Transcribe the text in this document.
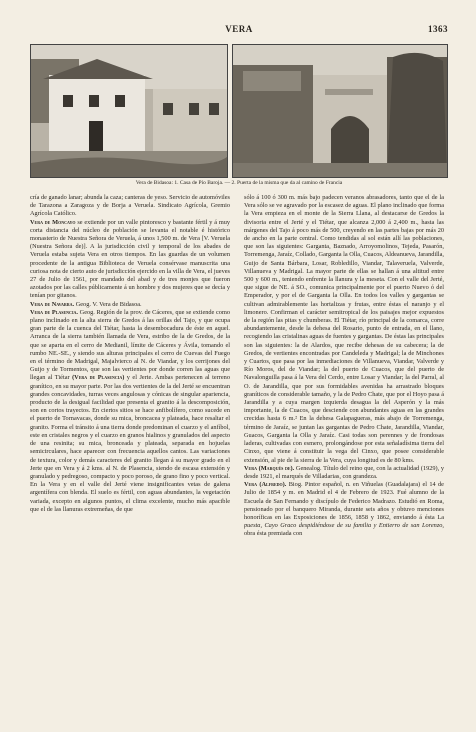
VERA	1363
Vera de Bidasoa: 1. Casa de Pío Baroja. — 2. Puerta de la misma que da al camino de Francia

cría de ganado lanar; abunda la caza; canteras de yeso. Servicio de automóviles de Tarazona a Zaragoza y de Borja a Veruela. Sindicato Agrícola, Gremio Agrícola Católico.

Vera de Moncayo se extiende por un valle pintoresco y bastante fértil y á muy corta distancia del núcleo de población se levanta el notable é histórico monasterio de Nuestra Señora de Veruela, á unos 1,500 m. de Vera [V. Veruela (Nuestra Señora de)]. A la jurisdicción civil y temporal de los abades de Veruela estaba sujeta Vera en otros tiempos. En las guardas de un volumen procedente de la antigua Biblioteca de Veruela consérvase manuscrita una curiosa nota de cierto auto de jurisdicción ejercido en la villa de Vera, el jueves 27 de Julio de 1561, por mandado del abad y de tres monjes que fueron azotados por las calles públicamente á un hombre y dos mujeres que se decía y tenían por gitanos.

Vera de Navarra. Geog. V. Vera de Bidasoa.

Vera de Plasencia. Geog. Región de la prov. de Cáceres, que se extiende como plano inclinado en la alta sierra de Gredos á las orillas del Tajo, y que ocupa gran parte de la cuenca del Tiétar, hasta la desembocadura de éste en aquel. Arranca de la sierra también llamada de Vera, estribo de la de Gredos, de la que se aparta en el cerro de Medianil, límite de Cáceres y Ávila, tomando el rumbo NE.-SE., y siendo sus alturas principales el cerro de Cuevas del Fuego en el término de Madrigal, Majalvierco al N. de Viandar, y los cerrijones del Guijo y de Tormentos, que son las vertientes por donde corren las aguas que llegan al Tiétar (Vera de Plasencia) y el Jerte. Ambas pertenecen al terreno granítico, en su mayor parte. Por las dos vertientes de la del Jerté se encuentran grandes concavidades, turras veces angulosas y cónicas de singular apariencia, producto de la desigual facilidad que presenta el granito á la descomposición, son en cortos trayectos. En ciertos sitios se hace anfibolífero, como sucede en el puerto de Tornavacas, donde su mica, broncacea y plateada, hace resaltar el granito. Forma el tránsito á una tierra donde predominan el cuarzo y el anfíbol, este en cristales negros y el cuarzo en granos hialinos y granulados del aspecto de una resinita; su mica, bronceada y plateada, separada en hojuelas semicirculares, hace aparecer con frecuencia aquellos cantos. Las variaciones de textura, color y demás caracteres del granito llegan á su mayor grado en el Jerte que en Vera y á 2 kms. al N. de Plasencia, siendo de escasa extensión y granulado y pedregoso, compacto y poco poroso, de grano fino y poco vertical. En la Vera y en el valle del Jerté viene insignificantes vetas de galena argentífera con blenda. El suelo es fértil, con aguas abundantes, la vegetación variada, excepto en algunos puntos, el clima excelente, mucho más apacible que el de las llanuras extremeñas, de que

sólo á 100 ó 300 m. más bajo padecen veranos abrasadores, tanto que el de la Vera sólo se ve agravado por la escasez de aguas. El plano inclinado que forma la Vera empieza en el monte de la Sierra Llana, al destacarse de Gredos la divisoria entre el Jerté y el Tiétar, que alcanza 2,000 á 2,400 m., hasta las márgenes del Tajo á poco más de 500, creyendo en las partes bajas por más 20 de ancho en la parte central. Como tendidas al sol están allí las poblaciones, que son las siguientes: Garganta, Baznado, Arroyomolinos, Tejeda, Pasarón, Torremenga, Jaraíz, Collado, Garganta la Olla, Cuacos, Aldeanueva, Jarandilla, Guijo de Santa Bárbara, Losar, Robledillo, Viandar, Talaveruela, Valverde, Villanueva y Madrigal. La mayor parte de ellas se hallan á una altitud entre 500 y 600 m., teniendo enfrente la llanura y la meseta. Con el valle del Jerté, que sigue de NE. á SO., comunica principalmente por el puerto Nuevo ó del Emperador, y por el de Garganta la Olla. En todos los valles y gargantas se cultivan admirablemente las hortalizas y frutas, entre éstas el naranjo y el limonero. Confirman el carácter semitropical de los paisajes mejor expuestos de la región las pitas y chumberas. El Tiétar, río principal de la comarca, corre abundantemente, desde la dehesa del Rosario, punto de entrada, en el llano, recogiendo las cristalinas aguas de fuentes y gargantas. De éstas las principales son las siguientes: la de Alardos, que recibe dehesas de su cabecera; la de Gredos, de vertientes encontradas por Candeleda y Madrigal; la de Minchones y Cuartos, que pasa por las inmediaciones de Villanueva, Viandar, Valverde y Río Moros, del de Viandar; la del puerto de Cuacos, que del puerto de Navalonguilla pasa á la Vera del Cerdo, entre Losar y Viandar; la del Parral, al O. de Jarandilla, que por sus formidables avenidas ha arrastrado bloques graníticos de considerable tamaño, y la de Pedro Chate, que por el Hoyo pasa á Jarandilla y a cuya margen izquierda desagua la del Asperón y la más importante, la de Cuacos, que desciende con abundantes aguas en las grandes crecidas hasta 6 m.² En la dehesa Galapagueras, más abajo de Torremenga, término de Jaraíz, se juntan las gargantas de Pedro Chate, Jarandilla, Viandar, Guacos, Garganta la Olla y Jaraíz. Casi todas son perennes y de frondosas laderas, cultivadas con esmero, prolongándose por esta señaladísima tierra del Cinxo, que viene á constituir la vega del Cinxo, que posee considerable extensión, al pie de la sierra de la Vera, cuya longitud es de 80 kms.

Vera (Marqués de). Genealog. Título del reino que, con la actualidad (1929), y desde 1921, el marqués de Villadarias, con grandeza.

Vera (Alfredo). Biog. Pintor español, n. en Viñuelas (Guadalajara) el 14 de Julio de 1854 y m. en Madrid el 4 de Febrero de 1923. Fué alumno de la Escuela de San Fernando y discípulo de Federico Madrazo. Estudió en Roma, pensionado por el banquero Miranda, durante seis años y obtuvo menciones honoríficas en las Exposiciones de 1856, 1858 y 1862, enviando á ésta La puesta, Cayo Graco despidiéndose de su familia y Entierro de san Lorenzo, obra ésta premiada con
